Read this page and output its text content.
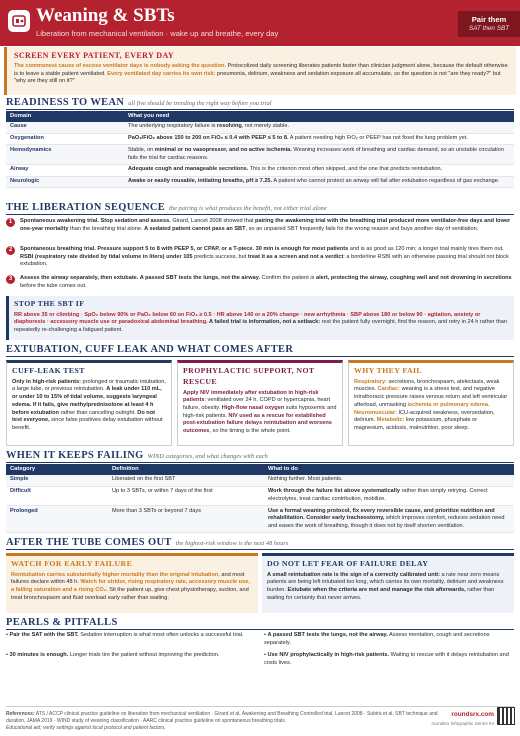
Weaning & SBTs
Liberation from mechanical ventilation · wake up and breathe, every day
Pair them
SAT then SBT
SCREEN EVERY PATIENT, EVERY DAY
The commonest cause of excess ventilator days is nobody asking the question. Protocolized daily screening liberates patients faster than clinician judgment alone, because the default otherwise is to leave a stable patient ventilated. Every ventilated day carries its own risk: pneumonia, delirium, weakness and sedation exposure all accumulate, so the question is not "are they ready?" but "why are they still on it?"
READINESS TO WEAN all five should be trending the right way before you trial
Domain	What you need
Cause	The underlying respiratory failure is resolving, not merely stable.
Oxygenation	PaO₂/FiO₂ above 150 to 200 on FiO₂ ≤ 0.4 with PEEP ≤ 5 to 8. A patient needing high FiO₂ or PEEP has not fixed the lung problem yet.
Hemodynamics	Stable, on minimal or no vasopressor, and no active ischemia. Weaning increases work of breathing and cardiac demand, so an unstable circulation fails the trial for cardiac reasons.
Airway	Adequate cough and manageable secretions. This is the criterion most often skipped, and the one that predicts reintubation.
Neurologic	Awake or easily rousable, initiating breaths, pH ≥ 7.25. A patient who cannot protect an airway will fail after extubation regardless of gas exchange.
THE LIBERATION SEQUENCE the pairing is what produces the benefit, not either trial alone
1	Spontaneous awakening trial. Stop sedation and assess. Girard, Lancet 2008 showed that pairing the awakening trial with the breathing trial produced more ventilator-free days and lower one-year mortality than the breathing trial alone. A sedated patient cannot pass an SBT, so an unpaired SBT frequently fails for the wrong reason and buys another day of ventilation.
2	Spontaneous breathing trial. Pressure support 5 to 8 with PEEP 5, or CPAP, or a T-piece. 30 min is enough for most patients and is as good as 120 min; a longer trial mainly tires them out. RSBI (respiratory rate divided by tidal volume in liters) under 105 predicts success, but treat it as a screen and not a verdict: a borderline RSBI with an otherwise passing trial should not block extubation.
3	Assess the airway separately, then extubate. A passed SBT tests the lungs, not the airway. Confirm the patient is alert, protecting the airway, coughing well and not drowning in secretions before the tube comes out.
STOP THE SBT IF
RR above 35 or climbing · SpO₂ below 90% or PaO₂ below 60 on FiO₂ ≥ 0.5 · HR above 140 or a 20% change · new arrhythmia · SBP above 180 or below 90 · agitation, anxiety or diaphoresis · accessory muscle use or paradoxical abdominal breathing. A failed trial is information, not a setback: rest the patient fully overnight, find the reason, and retry in 24 h rather than repeatedly re-challenging a fatigued patient.
EXTUBATION, CUFF LEAK AND WHAT COMES AFTER
CUFF-LEAK TEST
Only in high-risk patients: prolonged or traumatic intubation, a large tube, or previous reintubation. A leak under 110 mL, or under 10 to 15% of tidal volume, suggests laryngeal edema. If it fails, give methylprednisolone at least 4 h before extubation rather than cancelling outright. Do not test everyone, since false positives delay extubation without benefit.
PROPHYLACTIC SUPPORT, NOT RESCUE
Apply NIV immediately after extubation in high-risk patients: ventilated over 24 h, COPD or hypercapnia, heart failure, obesity. High-flow nasal oxygen suits hypoxemic and high-risk patients. NIV used as a rescue for established post-extubation failure delays reintubation and worsens outcomes, so the timing is the whole point.
WHY THEY FAIL
Respiratory: secretions, bronchospasm, atelectasis, weak muscles. Cardiac: weaning is a stress test, and negative intrathoracic pressure raises venous return and left ventricular afterload, unmasking ischemia or pulmonary edema. Neuromuscular: ICU-acquired weakness, oversedation, delirium. Metabolic: low potassium, phosphate or magnesium, acidosis, malnutrition, poor sleep.
WHEN IT KEEPS FAILING WIND categories, and what changes with each
Category	Definition	What to do
Simple	Liberated on the first SBT	Nothing further. Most patients.
Difficult	Up to 3 SBTs, or within 7 days of the first	Work through the failure list above systematically rather than simply retrying. Correct electrolytes, treat cardiac contribution, mobilize.
Prolonged	More than 3 SBTs or beyond 7 days	Use a formal weaning protocol, fix every reversible cause, and prioritize nutrition and rehabilitation. Consider early tracheostomy, which improves comfort, reduces sedation need and eases the work of breathing, though it does not by itself shorten ventilation.
AFTER THE TUBE COMES OUT the highest-risk window is the next 48 hours
WATCH FOR EARLY FAILURE
Reintubation carries substantially higher mortality than the original intubation, and most failures declare within 48 h. Watch for stridor, rising respiratory rate, accessory muscle use, a falling saturation and a rising CO₂. Sit the patient up, give chest physiotherapy, suction, and treat bronchospasm and fluid overload early rather than waiting.
DO NOT LET FEAR OF FAILURE DELAY
A small reintubation rate is the sign of a correctly calibrated unit: a rate near zero means patients are being left intubated too long, which carries its own mortality, delirium and weakness burden. Extubate when the criteria are met and manage the risk afterwards, rather than waiting for certainty that never arrives.
PEARLS & PITFALLS
• Pair the SAT with the SBT. Sedation interruption is what most often unlocks a successful trial.	• A passed SBT tests the lungs, not the airway. Assess mentation, cough and secretions separately.
• 30 minutes is enough. Longer trials tire the patient without improving the prediction.	• Use NIV prophylactically in high-risk patients. Waiting to rescue with it delays reintubation and costs lives.
References: ATS / ACCP clinical practice guideline on liberation from mechanical ventilation · Girard et al, Awakening and Breathing Controlled trial, Lancet 2008 · Subirà et al, SBT technique and duration, JAMA 2019 · WIND study of weaning classification · AARC clinical practice guideline on spontaneous breathing trials.
Educational aid; verify settings against local protocol and patient factors.
roundsrx.com
roundsrx Infographic Series #4
